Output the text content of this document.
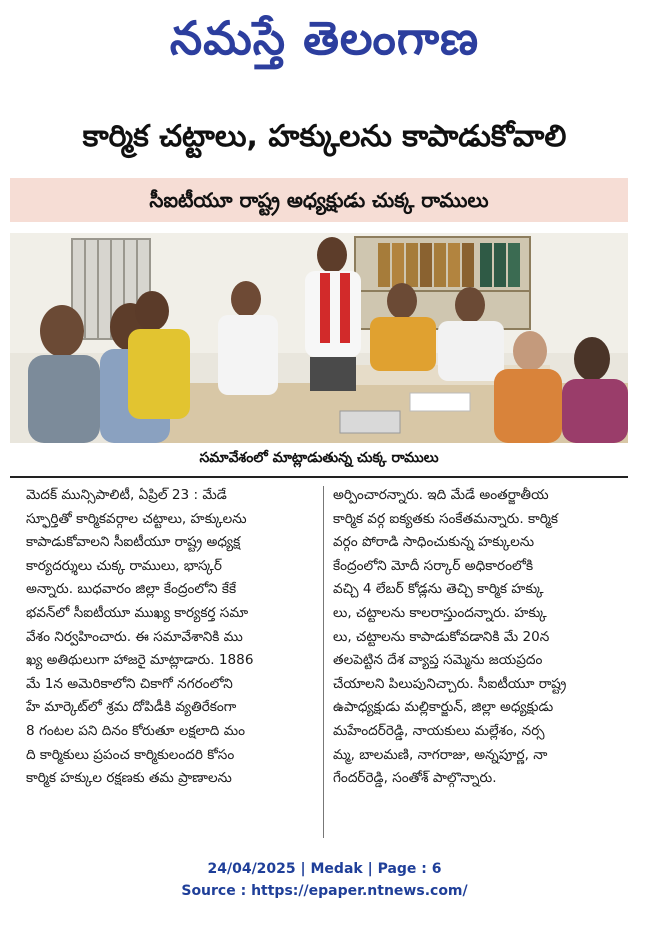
నమస్తే తెలంగాణ
కార్మిక చట్టాలు, హక్కులను కాపాడుకోవాలి
సీఐటీయూ రాష్ట్ర అధ్యక్షుడు చుక్క రాములు
సమావేశంలో మాట్లాడుతున్న చుక్క రాములు
మెదక్ మున్సిపాలిటీ, ఏప్రిల్ 23 : మేడే
స్ఫూర్తితో కార్మికవర్గాల చట్టాలు, హక్కులను
కాపాడుకోవాలని సీఐటీయూ రాష్ట్ర అధ్యక్ష
కార్యదర్శులు చుక్క రాములు, భాస్కర్
అన్నారు. బుధవారం జిల్లా కేంద్రంలోని కేకే
భవన్‌లో సీఐటీయూ ముఖ్య కార్యకర్త సమా
వేశం నిర్వహించారు. ఈ సమావేశానికి ము
ఖ్య అతిథులుగా హాజరై మాట్లాడారు. 1886
మే 1న అమెరికాలోని చికాగో నగరంలోని
హే మార్కెట్‌లో శ్రమ దోపిడీకి వ్యతిరేకంగా
8 గంటల పని దినం కోరుతూ లక్షలాది మం
ది కార్మికులు ప్రపంచ కార్మికులందరి కోసం
కార్మిక హక్కుల రక్షణకు తమ ప్రాణాలను
అర్పించారన్నారు. ఇది మేడే అంతర్జాతీయ
కార్మిక వర్గ ఐక్యతకు సంకేతమన్నారు. కార్మిక
వర్గం పోరాడి సాధించుకున్న హక్కులను
కేంద్రంలోని మోదీ సర్కార్ అధికారంలోకి
వచ్చి 4 లేబర్ కోడ్లను తెచ్చి కార్మిక హక్కు
లు, చట్టాలను కాలరాస్తుందన్నారు. హక్కు
లు, చట్టాలను కాపాడుకోవడానికి మే 20న
తలపెట్టిన దేశ వ్యాప్త సమ్మెను జయప్రదం
చేయాలని పిలుపునిచ్చారు. సీఐటీయూ రాష్ట్ర
ఉపాధ్యక్షుడు మల్లికార్జున్, జిల్లా అధ్యక్షుడు
మహేందర్‌రెడ్డి, నాయకులు మల్లేశం, నర్స
మ్మ, బాలమణి, నాగరాజు, అన్నపూర్ణ, నా
గేందర్‌రెడ్డి, సంతోశ్ పాల్గొన్నారు.
24/04/2025 | Medak | Page : 6
Source : https://epaper.ntnews.com/
